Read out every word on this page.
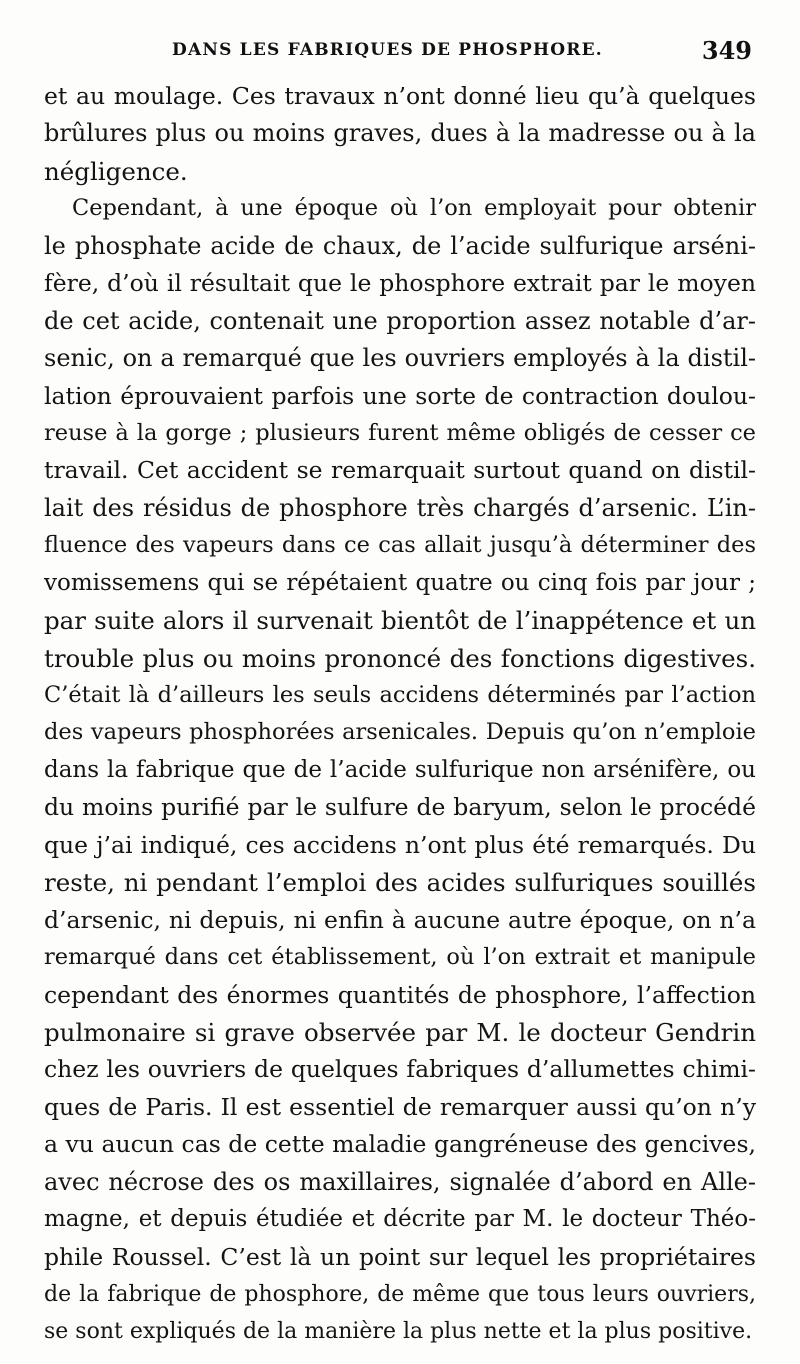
DANS LES FABRIQUES DE PHOSPHORE.	349
et au moulage. Ces travaux n’ont donné lieu qu’à quelques
brûlures plus ou moins graves, dues à la madresse ou à la
négligence.
Cependant, à une époque où l’on employait pour obtenir
le phosphate acide de chaux, de l’acide sulfurique arséni-
fère, d’où il résultait que le phosphore extrait par le moyen
de cet acide, contenait une proportion assez notable d’ar-
senic, on a remarqué que les ouvriers employés à la distil-
lation éprouvaient parfois une sorte de contraction doulou-
reuse à la gorge ; plusieurs furent même obligés de cesser ce
travail. Cet accident se remarquait surtout quand on distil-
lait des résidus de phosphore très chargés d’arsenic. L’in-
fluence des vapeurs dans ce cas allait jusqu’à déterminer des
vomissemens qui se répétaient quatre ou cinq fois par jour ;
par suite alors il survenait bientôt de l’inappétence et un
trouble plus ou moins prononcé des fonctions digestives.
C’était là d’ailleurs les seuls accidens déterminés par l’action
des vapeurs phosphorées arsenicales. Depuis qu’on n’emploie
dans la fabrique que de l’acide sulfurique non arsénifère, ou
du moins purifié par le sulfure de baryum, selon le procédé
que j’ai indiqué, ces accidens n’ont plus été remarqués. Du
reste, ni pendant l’emploi des acides sulfuriques souillés
d’arsenic, ni depuis, ni enfin à aucune autre époque, on n’a
remarqué dans cet établissement, où l’on extrait et manipule
cependant des énormes quantités de phosphore, l’affection
pulmonaire si grave observée par M. le docteur Gendrin
chez les ouvriers de quelques fabriques d’allumettes chimi-
ques de Paris. Il est essentiel de remarquer aussi qu’on n’y
a vu aucun cas de cette maladie gangréneuse des gencives,
avec nécrose des os maxillaires, signalée d’abord en Alle-
magne, et depuis étudiée et décrite par M. le docteur Théo-
phile Roussel. C’est là un point sur lequel les propriétaires
de la fabrique de phosphore, de même que tous leurs ouvriers,
se sont expliqués de la manière la plus nette et la plus positive.
